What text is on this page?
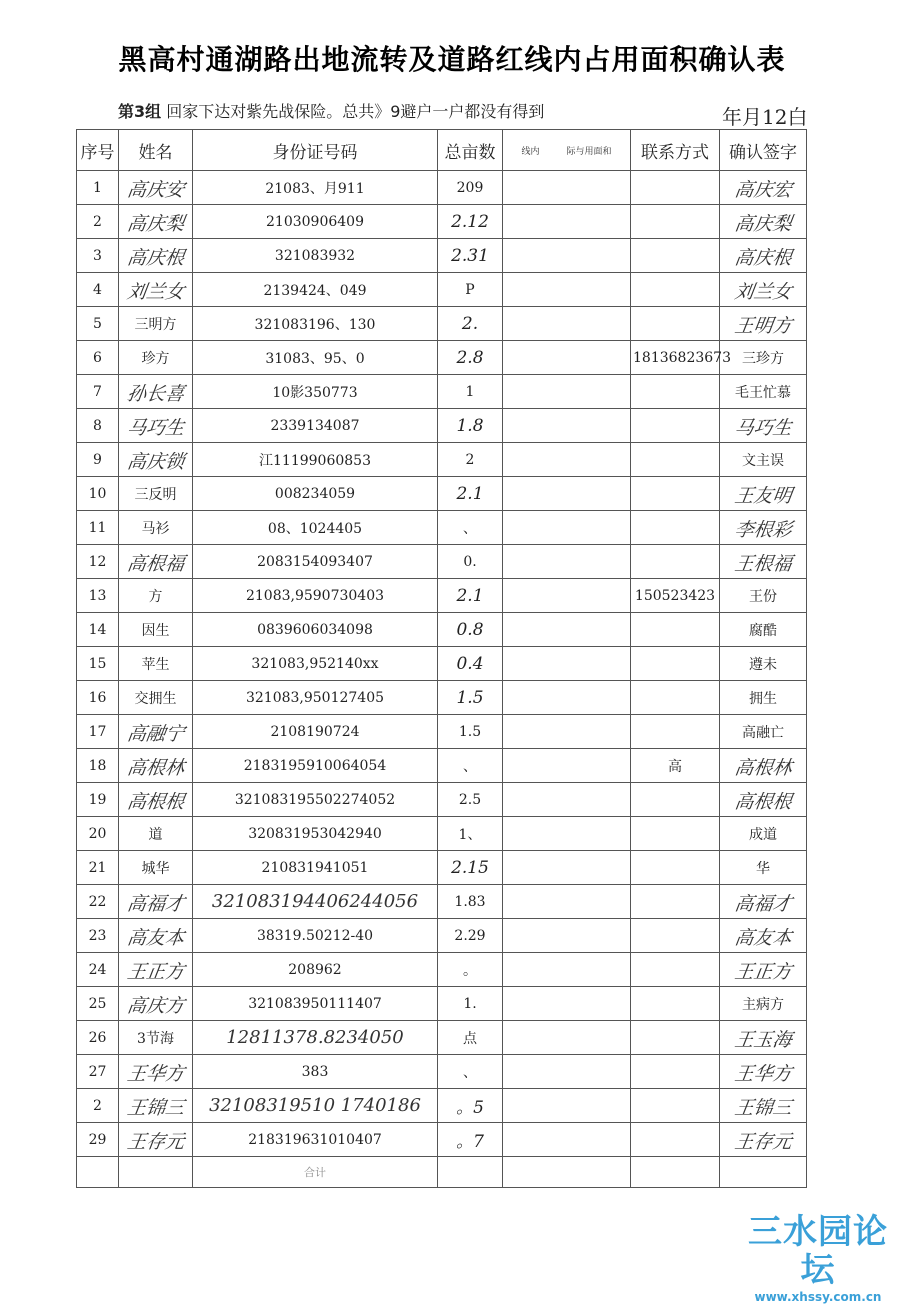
黑高村通湖路出地流转及道路红线内占用面积确认表
第3组 回家下达对紫先战保险。总共》9避户一户都没有得到	年月12白
序号	姓名	身份证号码	总亩数	线内　　　际与用面和	联系方式	确认签字
1	高庆安	21083、月911	209			高庆宏
2	高庆梨	21030906409	2.12			高庆梨
3	高庆根	321083932	2.31			高庆根
4	刘兰女	2139424、049	P			刘兰女
5	三明方	321083196、130	2.			王明方
6	珍方	31083、95、0	2.8		18136823673	三珍方
7	孙长喜	10影350773	1			毛王忙慕
8	马巧生	2339134087	1.8			马巧生
9	高庆锁	江11199060853	2			文主误
10	三反明	008234059	2.1			王友明
11	马衫	08、1024405	、			李根彩
12	高根福	2083154093407	0.			王根福
13	方	21083,9590730403	2.1		150523423	王份
14	因生	0839606034098	0.8			腐酷
15	苹生	321083,952140xx	0.4			遵未
16	交拥生	321083,950127405	1.5			拥生
17	高融宁	2108190724	1.5			高融亡
18	高根林	2183195910064054	、		高	高根林
19	高根根	321083195502274052	2.5			高根根
20	道	320831953042940	1、			成道
21	城华	210831941051	2.15			华
22	高福才	321083194406244056	1.83			高福才
23	高友本	38319.50212-40	2.29			高友本
24	王正方	208962	。			王正方
25	高庆方	321083950111407	1.			主病方
26	3节海	12811378.8234050	点			王玉海
27	王华方	383	、			王华方
2	王锦三	32108319510 1740186	。5			王锦三
29	王存元	218319631010407	。7			王存元
		合计				
三水园论坛
www.xhssy.com.cn
